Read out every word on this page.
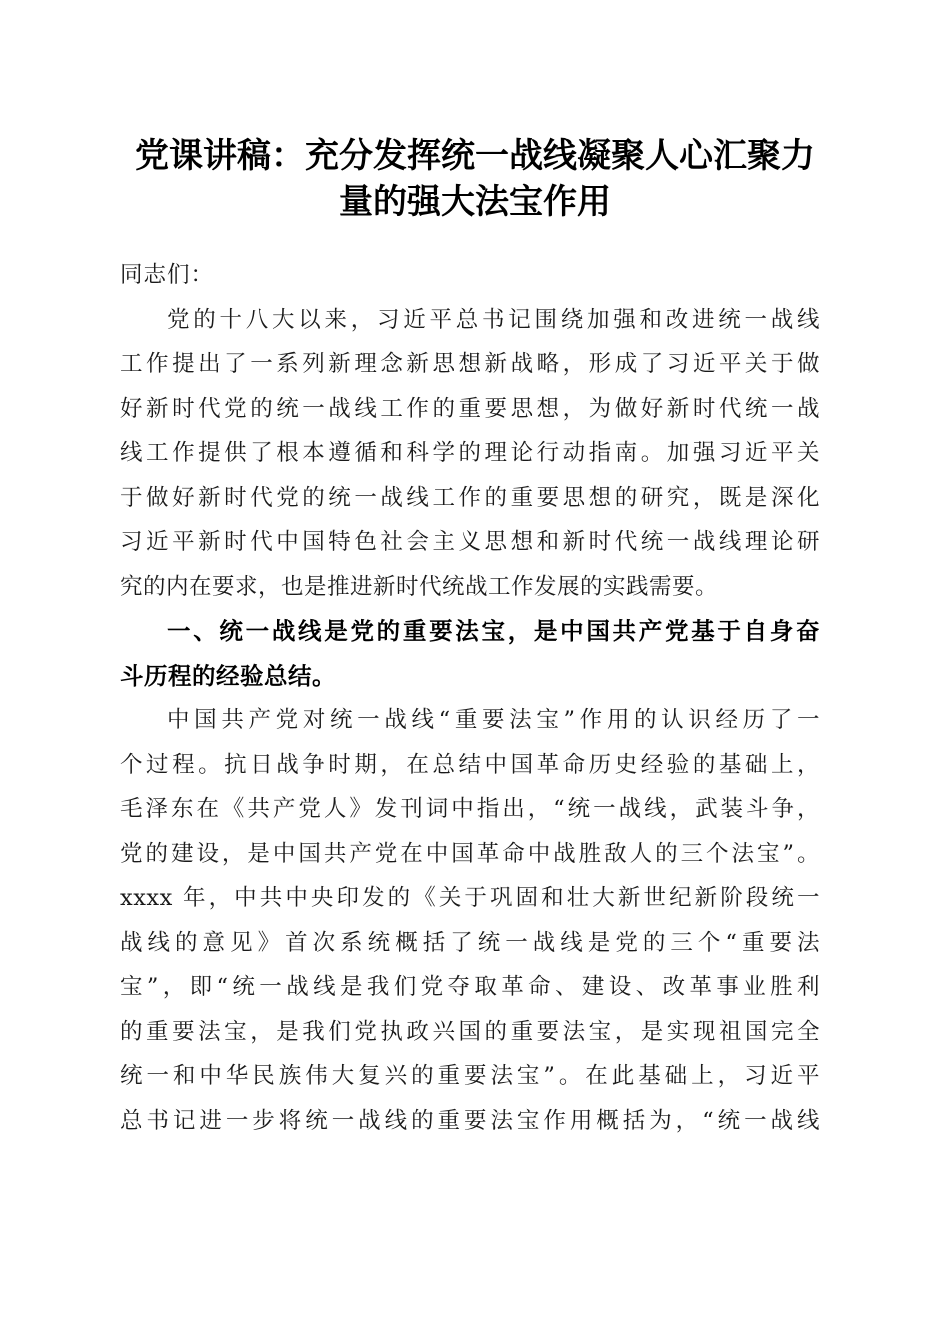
党课讲稿：充分发挥统一战线凝聚人心汇聚力
量的强大法宝作用
同志们：
党的十八大以来，习近平总书记围绕加强和改进统一战线
工作提出了一系列新理念新思想新战略，形成了习近平关于做
好新时代党的统一战线工作的重要思想，为做好新时代统一战
线工作提供了根本遵循和科学的理论行动指南。加强习近平关
于做好新时代党的统一战线工作的重要思想的研究，既是深化
习近平新时代中国特色社会主义思想和新时代统一战线理论研
究的内在要求，也是推进新时代统战工作发展的实践需要。
一、统一战线是党的重要法宝，是中国共产党基于自身奋
斗历程的经验总结。
中国共产党对统一战线“重要法宝”作用的认识经历了一
个过程。抗日战争时期，在总结中国革命历史经验的基础上，
毛泽东在《共产党人》发刊词中指出，“统一战线，武装斗争，
党的建设，是中国共产党在中国革命中战胜敌人的三个法宝”。
xxxx 年，中共中央印发的《关于巩固和壮大新世纪新阶段统一
战线的意见》首次系统概括了统一战线是党的三个“重要法
宝”，即“统一战线是我们党夺取革命、建设、改革事业胜利
的重要法宝，是我们党执政兴国的重要法宝，是实现祖国完全
统一和中华民族伟大复兴的重要法宝”。在此基础上，习近平
总书记进一步将统一战线的重要法宝作用概括为，“统一战线
